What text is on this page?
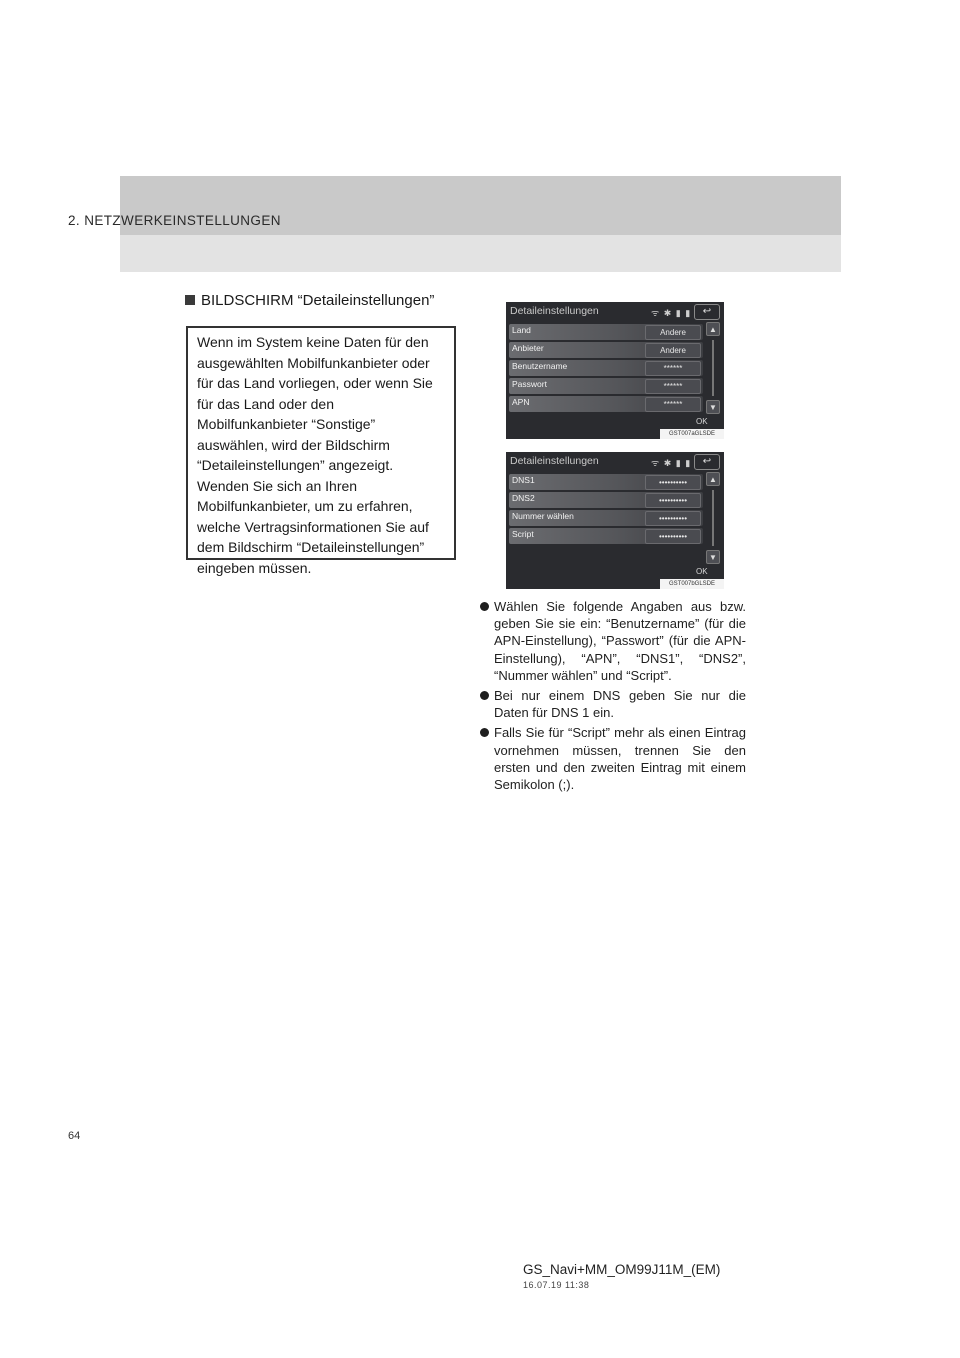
2. NETZWERKEINSTELLUNGEN
BILDSCHIRM “Detaileinstellungen”

Wenn im System keine Daten für den
ausgewählten Mobilfunkanbieter oder
für das Land vorliegen, oder wenn Sie
für das Land oder den
Mobilfunkanbieter “Sonstige”
auswählen, wird der Bildschirm
“Detaileinstellungen” angezeigt.
Wenden Sie sich an Ihren
Mobilfunkanbieter, um zu erfahren,
welche Vertragsinformationen Sie auf
dem Bildschirm “Detaileinstellungen”
eingeben müssen.

Detaileinstellungen	ᯤ ✱ ▮ ▮	↩
Land	Andere
Anbieter	Andere
Benutzername	******
Passwort	******
APN	******
▲
▼
OK
GST007aGLSDE
Detaileinstellungen	ᯤ ✱ ▮ ▮	↩
DNS1	••••••••••
DNS2	••••••••••
Nummer wählen	••••••••••
Script	••••••••••
▲
▼
OK
GST007bGLSDE
Wählen Sie folgende Angaben aus bzw. geben Sie sie ein: “Benutzername” (für die APN-Einstellung), “Passwort” (für die APN-Einstellung), “APN”, “DNS1”, “DNS2”, “Nummer wählen” und “Script”.
Bei nur einem DNS geben Sie nur die Daten für DNS 1 ein.
Falls Sie für “Script” mehr als einen Eintrag vornehmen müssen, trennen Sie den ersten und den zweiten Eintrag mit einem Semikolon (;).
64
GS_Navi+MM_OM99J11M_(EM)
16.07.19 11:38
